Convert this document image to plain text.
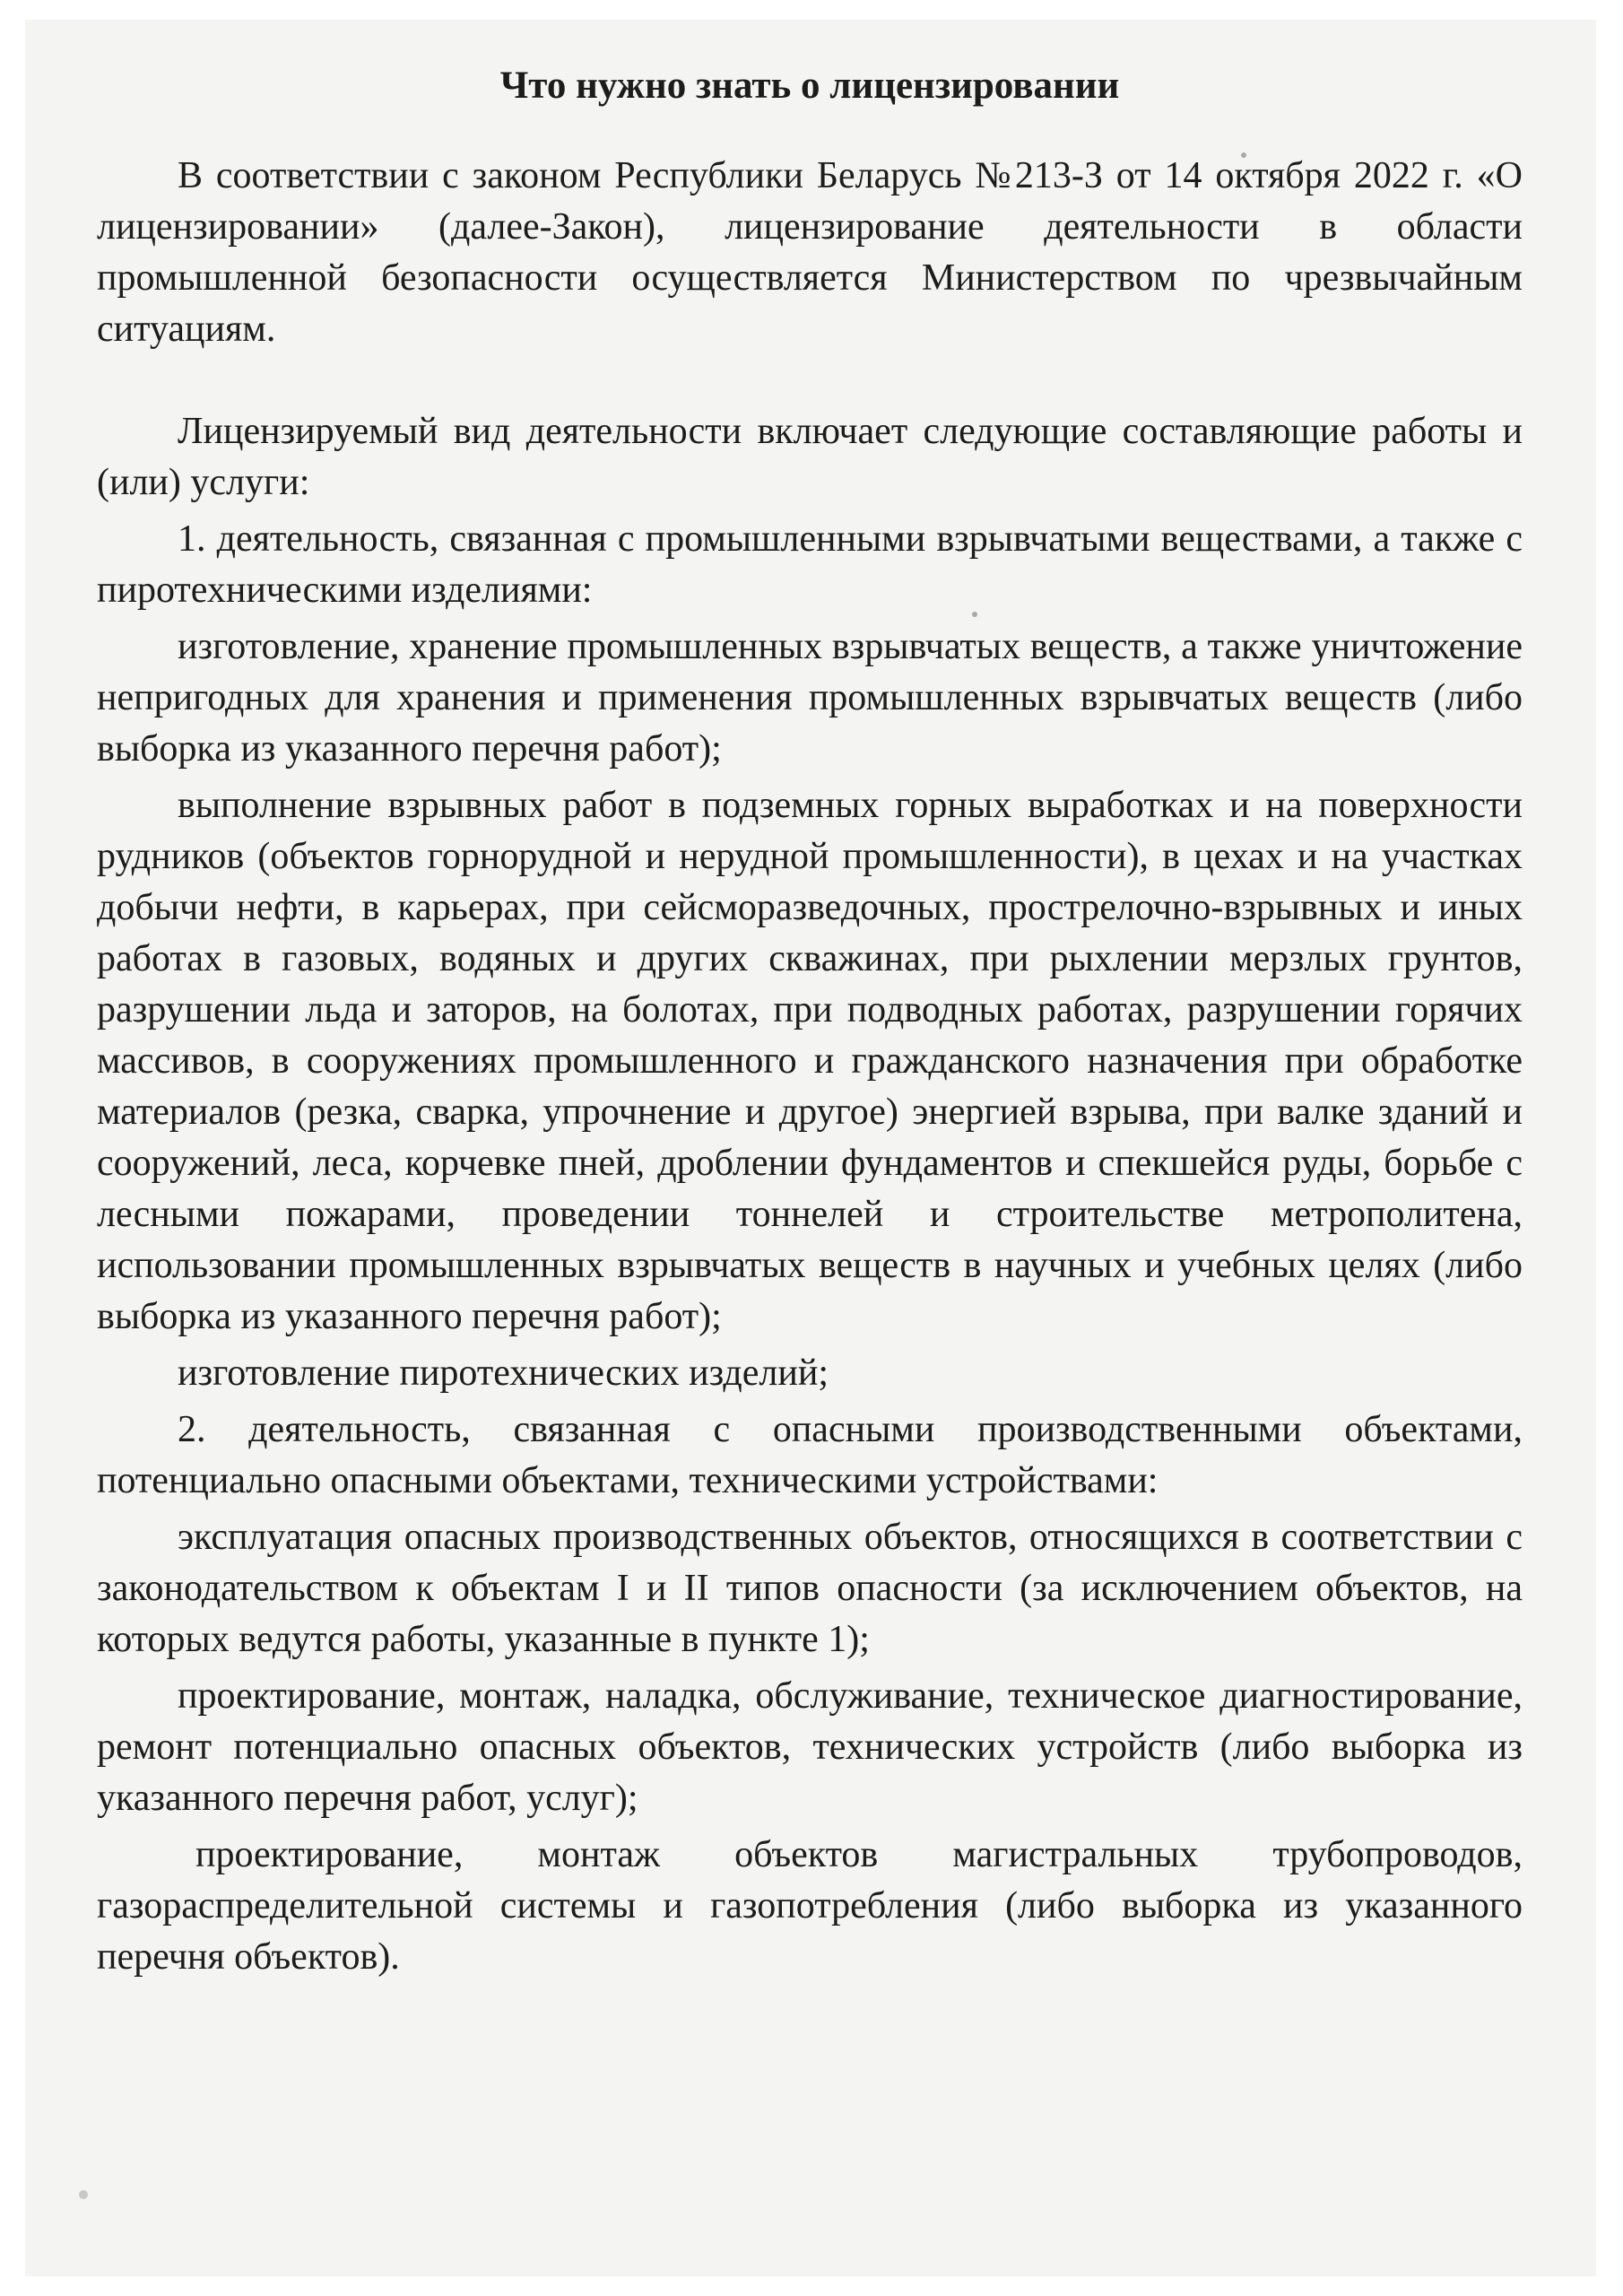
Что нужно знать о лицензировании

В соответствии с законом Республики Беларусь №213-З от 14 октября 2022 г. «О лицензировании» (далее-Закон), лицензирование деятельности в области промышленной безопасности осуществляется Министерством по чрезвычайным ситуациям.

Лицензируемый вид деятельности включает следующие составляющие работы и (или) услуги:

1. деятельность, связанная с промышленными взрывчатыми веществами, а также с пиротехническими изделиями:

изготовление, хранение промышленных взрывчатых веществ, а также уничтожение непригодных для хранения и применения промышленных взрывчатых веществ (либо выборка из указанного перечня работ);

выполнение взрывных работ в подземных горных выработках и на поверхности рудников (объектов горнорудной и нерудной промышленности), в цехах и на участках добычи нефти, в карьерах, при сейсморазведочных, прострелочно-взрывных и иных работах в газовых, водяных и других скважинах, при рыхлении мерзлых грунтов, разрушении льда и заторов, на болотах, при подводных работах, разрушении горячих массивов, в сооружениях промышленного и гражданского назначения при обработке материалов (резка, сварка, упрочнение и другое) энергией взрыва, при валке зданий и сооружений, леса, корчевке пней, дроблении фундаментов и спекшейся руды, борьбе с лесными пожарами, проведении тоннелей и строительстве метрополитена, использовании промышленных взрывчатых веществ в научных и учебных целях (либо выборка из указанного перечня работ);

изготовление пиротехнических изделий;

2. деятельность, связанная с опасными производственными объектами, потенциально опасными объектами, техническими устройствами:

эксплуатация опасных производственных объектов, относящихся в соответствии с законодательством к объектам I и II типов опасности (за исключением объектов, на которых ведутся работы, указанные в пункте 1);

проектирование, монтаж, наладка, обслуживание, техническое диагностирование, ремонт потенциально опасных объектов, технических устройств (либо выборка из указанного перечня работ, услуг);

проектирование, монтаж объектов магистральных трубопроводов, газораспределительной системы и газопотребления (либо выборка из указанного перечня объектов).
